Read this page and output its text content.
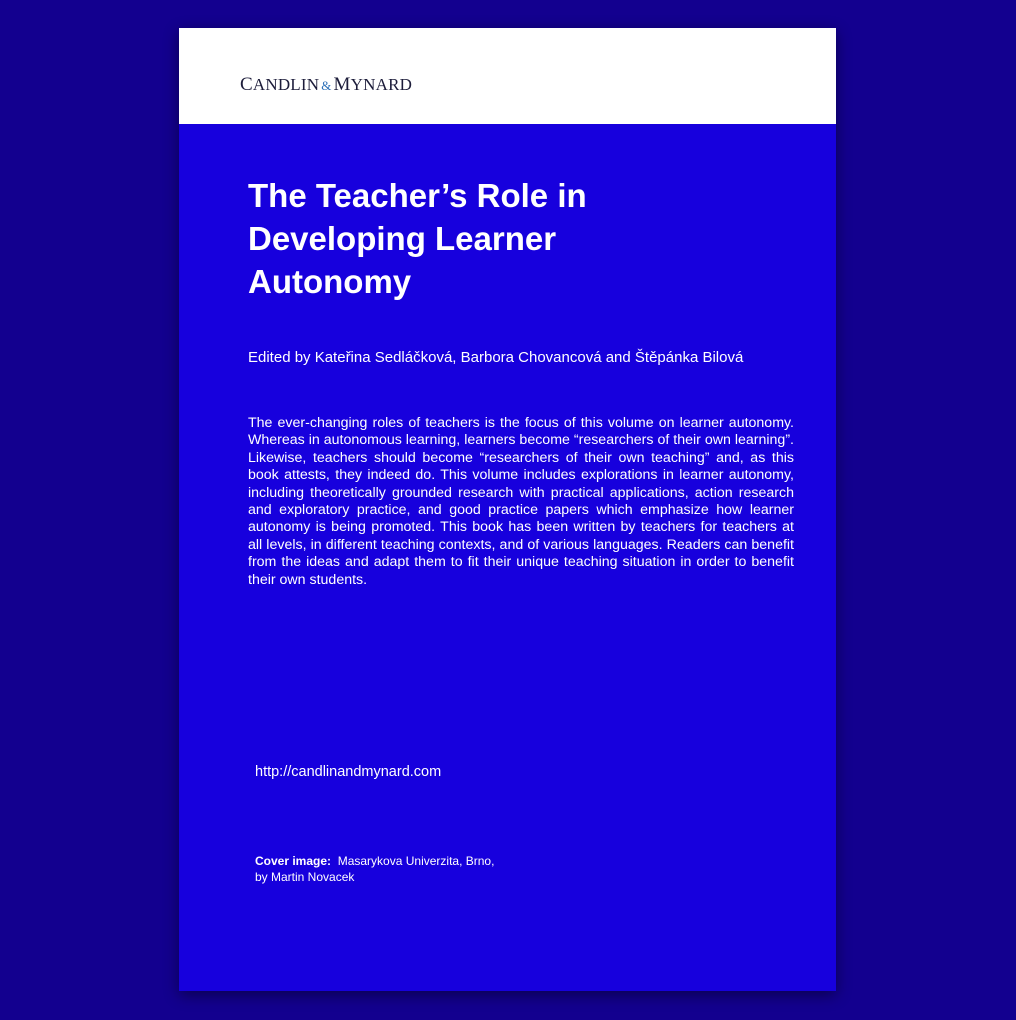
CANDLIN & MYNARD
The Teacher’s Role in Developing Learner Autonomy

Edited by Kateřina Sedláčková, Barbora Chovancová and Štěpánka Bilová

The ever-changing roles of teachers is the focus of this volume on learner autonomy. Whereas in autonomous learning, learners become “researchers of their own learning”. Likewise, teachers should become “researchers of their own teaching” and, as this book attests, they indeed do. This volume includes explorations in learner autonomy, including theoretically grounded research with practical applications, action research and exploratory practice, and good practice papers which emphasize how learner autonomy is being promoted. This book has been written by teachers for teachers at all levels, in different teaching contexts, and of various languages. Readers can benefit from the ideas and adapt them to fit their unique teaching situation in order to benefit their own students.

http://candlinandmynard.com

Cover image: Masarykova Univerzita, Brno,
by Martin Novacek
